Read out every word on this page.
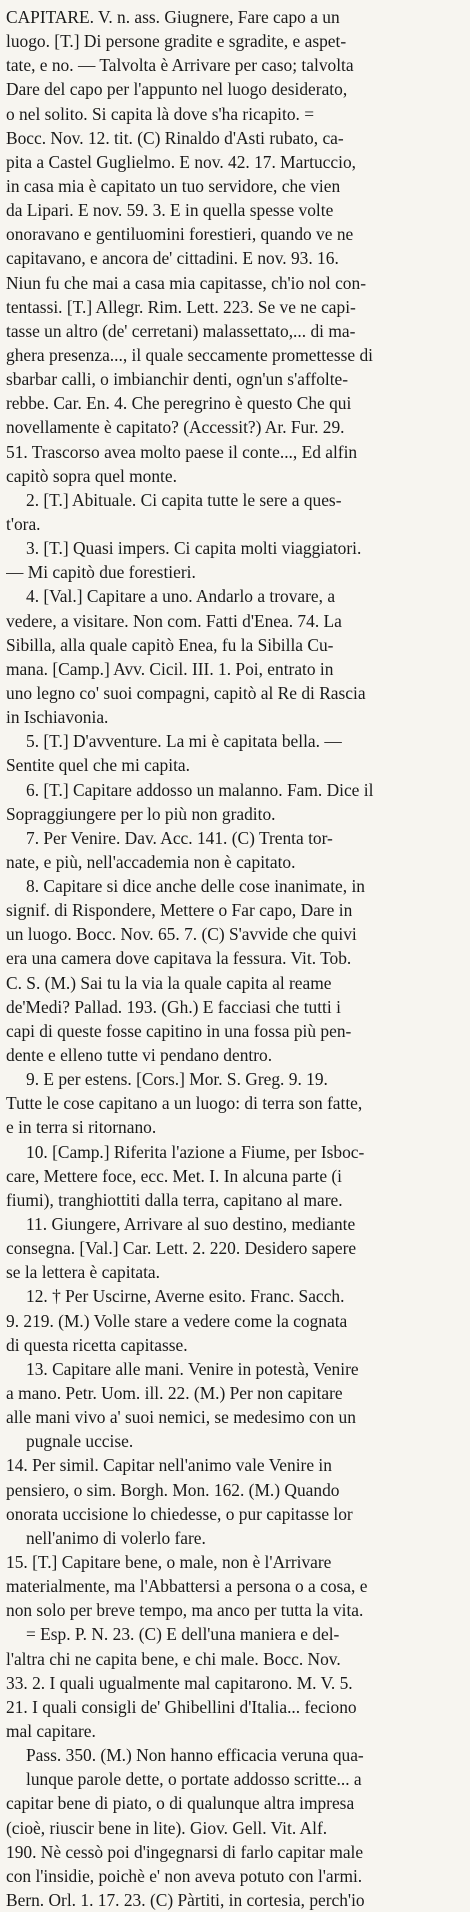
CAPITARE. V. n. ass. Giugnere, Fare capo a un
luogo. [T.] Di persone gradite e sgradite, e aspet-
tate, e no. — Talvolta è Arrivare per caso; talvolta
Dare del capo per l'appunto nel luogo desiderato,
o nel solito. Si capita là dove s'ha ricapito. =
Bocc. Nov. 12. tit. (C) Rinaldo d'Asti rubato, ca-
pita a Castel Guglielmo. E nov. 42. 17. Martuccio,
in casa mia è capitato un tuo servidore, che vien
da Lipari. E nov. 59. 3. E in quella spesse volte
onoravano e gentiluomini forestieri, quando ve ne
capitavano, e ancora de' cittadini. E nov. 93. 16.
Niun fu che mai a casa mia capitasse, ch'io nol con-
tentassi. [T.] Allegr. Rim. Lett. 223. Se ve ne capi-
tasse un altro (de' cerretani) malassettato,... di ma-
ghera presenza..., il quale seccamente promettesse di
sbarbar calli, o imbianchir denti, ogn'un s'affolte-
rebbe. Car. En. 4. Che peregrino è questo Che qui
novellamente è capitato? (Accessit?) Ar. Fur. 29.
51. Trascorso avea molto paese il conte..., Ed alfin
capitò sopra quel monte.
2. [T.] Abituale. Ci capita tutte le sere a ques-
t'ora.
3. [T.] Quasi impers. Ci capita molti viaggiatori.
— Mi capitò due forestieri.
4. [Val.] Capitare a uno. Andarlo a trovare, a
vedere, a visitare. Non com. Fatti d'Enea. 74. La
Sibilla, alla quale capitò Enea, fu la Sibilla Cu-
mana. [Camp.] Avv. Cicil. III. 1. Poi, entrato in
uno legno co' suoi compagni, capitò al Re di Rascia
in Ischiavonia.
5. [T.] D'avventure. La mi è capitata bella. —
Sentite quel che mi capita.
6. [T.] Capitare addosso un malanno. Fam. Dice il
Sopraggiungere per lo più non gradito.
7. Per Venire. Dav. Acc. 141. (C) Trenta tor-
nate, e più, nell'accademia non è capitato.
8. Capitare si dice anche delle cose inanimate, in
signif. di Rispondere, Mettere o Far capo, Dare in
un luogo. Bocc. Nov. 65. 7. (C) S'avvide che quivi
era una camera dove capitava la fessura. Vit. Tob.
C. S. (M.) Sai tu la via la quale capita al reame
de'Medi? Pallad. 193. (Gh.) E facciasi che tutti i
capi di queste fosse capitino in una fossa più pen-
dente e elleno tutte vi pendano dentro.
9. E per estens. [Cors.] Mor. S. Greg. 9. 19.
Tutte le cose capitano a un luogo: di terra son fatte,
e in terra si ritornano.
10. [Camp.] Riferita l'azione a Fiume, per Isboc-
care, Mettere foce, ecc. Met. I. In alcuna parte (i
fiumi), tranghiottiti dalla terra, capitano al mare.
11. Giungere, Arrivare al suo destino, mediante
consegna. [Val.] Car. Lett. 2. 220. Desidero sapere
se la lettera è capitata.
12. † Per Uscirne, Averne esito. Franc. Sacch.
9. 219. (M.) Volle stare a vedere come la cognata
di questa ricetta capitasse.
13. Capitare alle mani. Venire in potestà, Venire
a mano. Petr. Uom. ill. 22. (M.) Per non capitare
alle mani vivo a' suoi nemici, se medesimo con un
pugnale uccise.
14. Per simil. Capitar nell'animo vale Venire in
pensiero, o sim. Borgh. Mon. 162. (M.) Quando
onorata uccisione lo chiedesse, o pur capitasse lor
nell'animo di volerlo fare.
15. [T.] Capitare bene, o male, non è l'Arrivare
materialmente, ma l'Abbattersi a persona o a cosa, e
non solo per breve tempo, ma anco per tutta la vita.
= Esp. P. N. 23. (C) E dell'una maniera e del-
l'altra chi ne capita bene, e chi male. Bocc. Nov.
33. 2. I quali ugualmente mal capitarono. M. V. 5.
21. I quali consigli de' Ghibellini d'Italia... feciono
mal capitare.
Pass. 350. (M.) Non hanno efficacia veruna qua-
lunque parole dette, o portate addosso scritte... a
capitar bene di piato, o di qualunque altra impresa
(cioè, riuscir bene in lite). Giov. Gell. Vit. Alf.
190. Nè cessò poi d'ingegnarsi di farlo capitar male
con l'insidie, poichè e' non aveva potuto con l'armi.
Bern. Orl. 1. 17. 23. (C) Pàrtiti, in cortesia, perch'io
